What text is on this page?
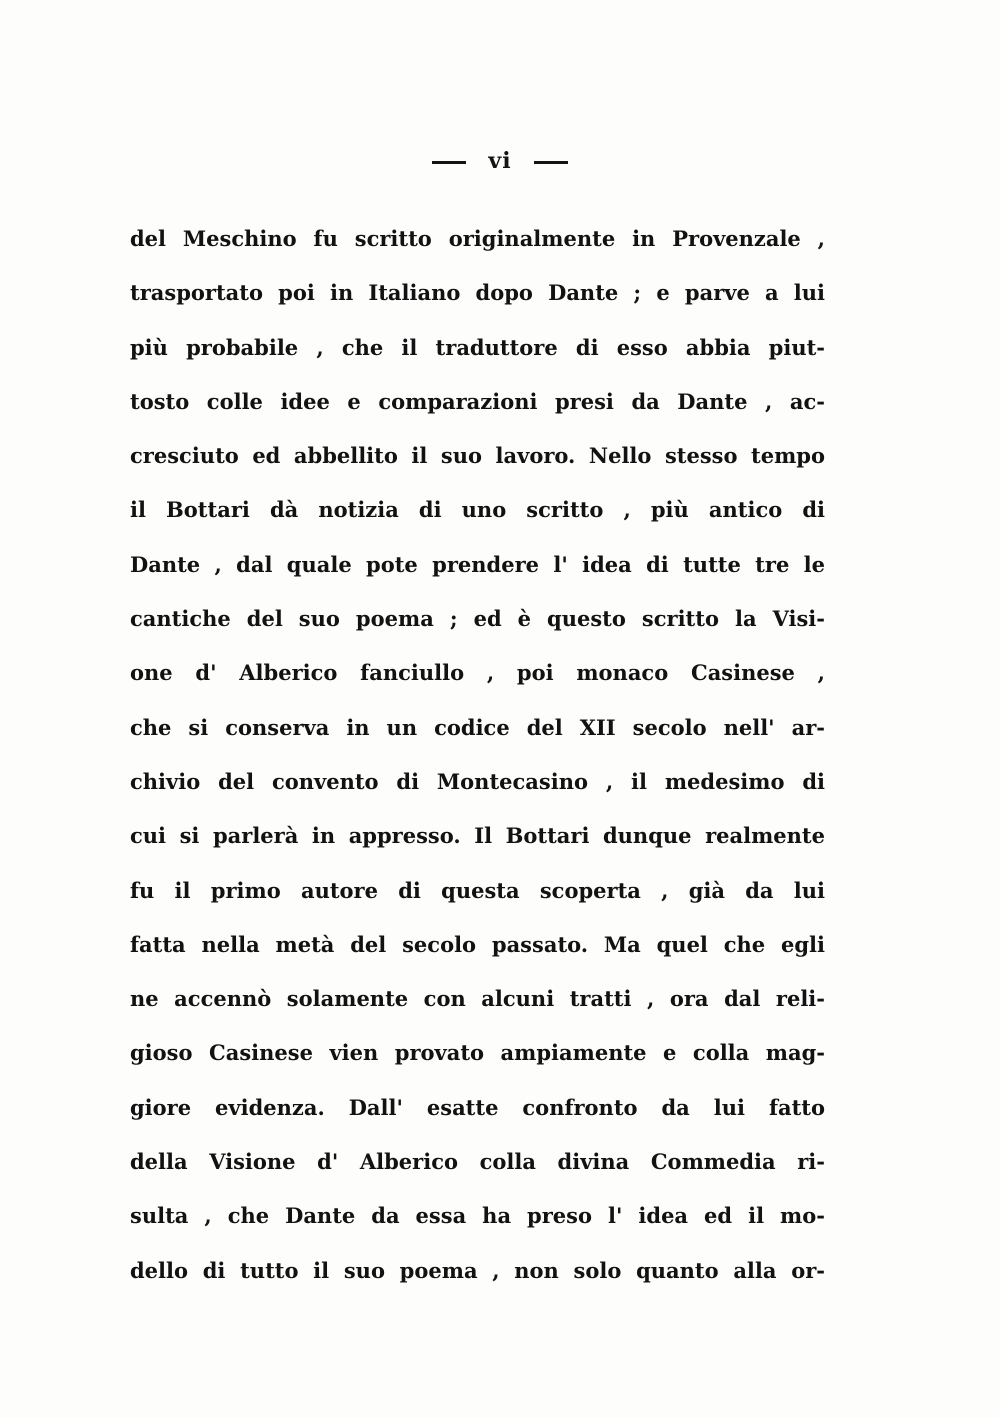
vi
del Meschino fu scritto originalmente in Provenzale ,
trasportato poi in Italiano dopo Dante ; e parve a lui
più probabile , che il traduttore di esso abbia piut-
tosto colle idee e comparazioni presi da Dante , ac-
cresciuto ed abbellito il suo lavoro. Nello stesso tempo
il Bottari dà notizia di uno scritto , più antico di
Dante , dal quale pote prendere l' idea di tutte tre le
cantiche del suo poema ; ed è questo scritto la Visi-
one d' Alberico fanciullo , poi monaco Casinese ,
che si conserva in un codice del XII secolo nell' ar-
chivio del convento di Montecasino , il medesimo di
cui si parlerà in appresso. Il Bottari dunque realmente
fu il primo autore di questa scoperta , già da lui
fatta nella metà del secolo passato. Ma quel che egli
ne accennò solamente con alcuni tratti , ora dal reli-
gioso Casinese vien provato ampiamente e colla mag-
giore evidenza. Dall' esatte confronto da lui fatto
della Visione d' Alberico colla divina Commedia ri-
sulta , che Dante da essa ha preso l' idea ed il mo-
dello di tutto il suo poema , non solo quanto alla or-
